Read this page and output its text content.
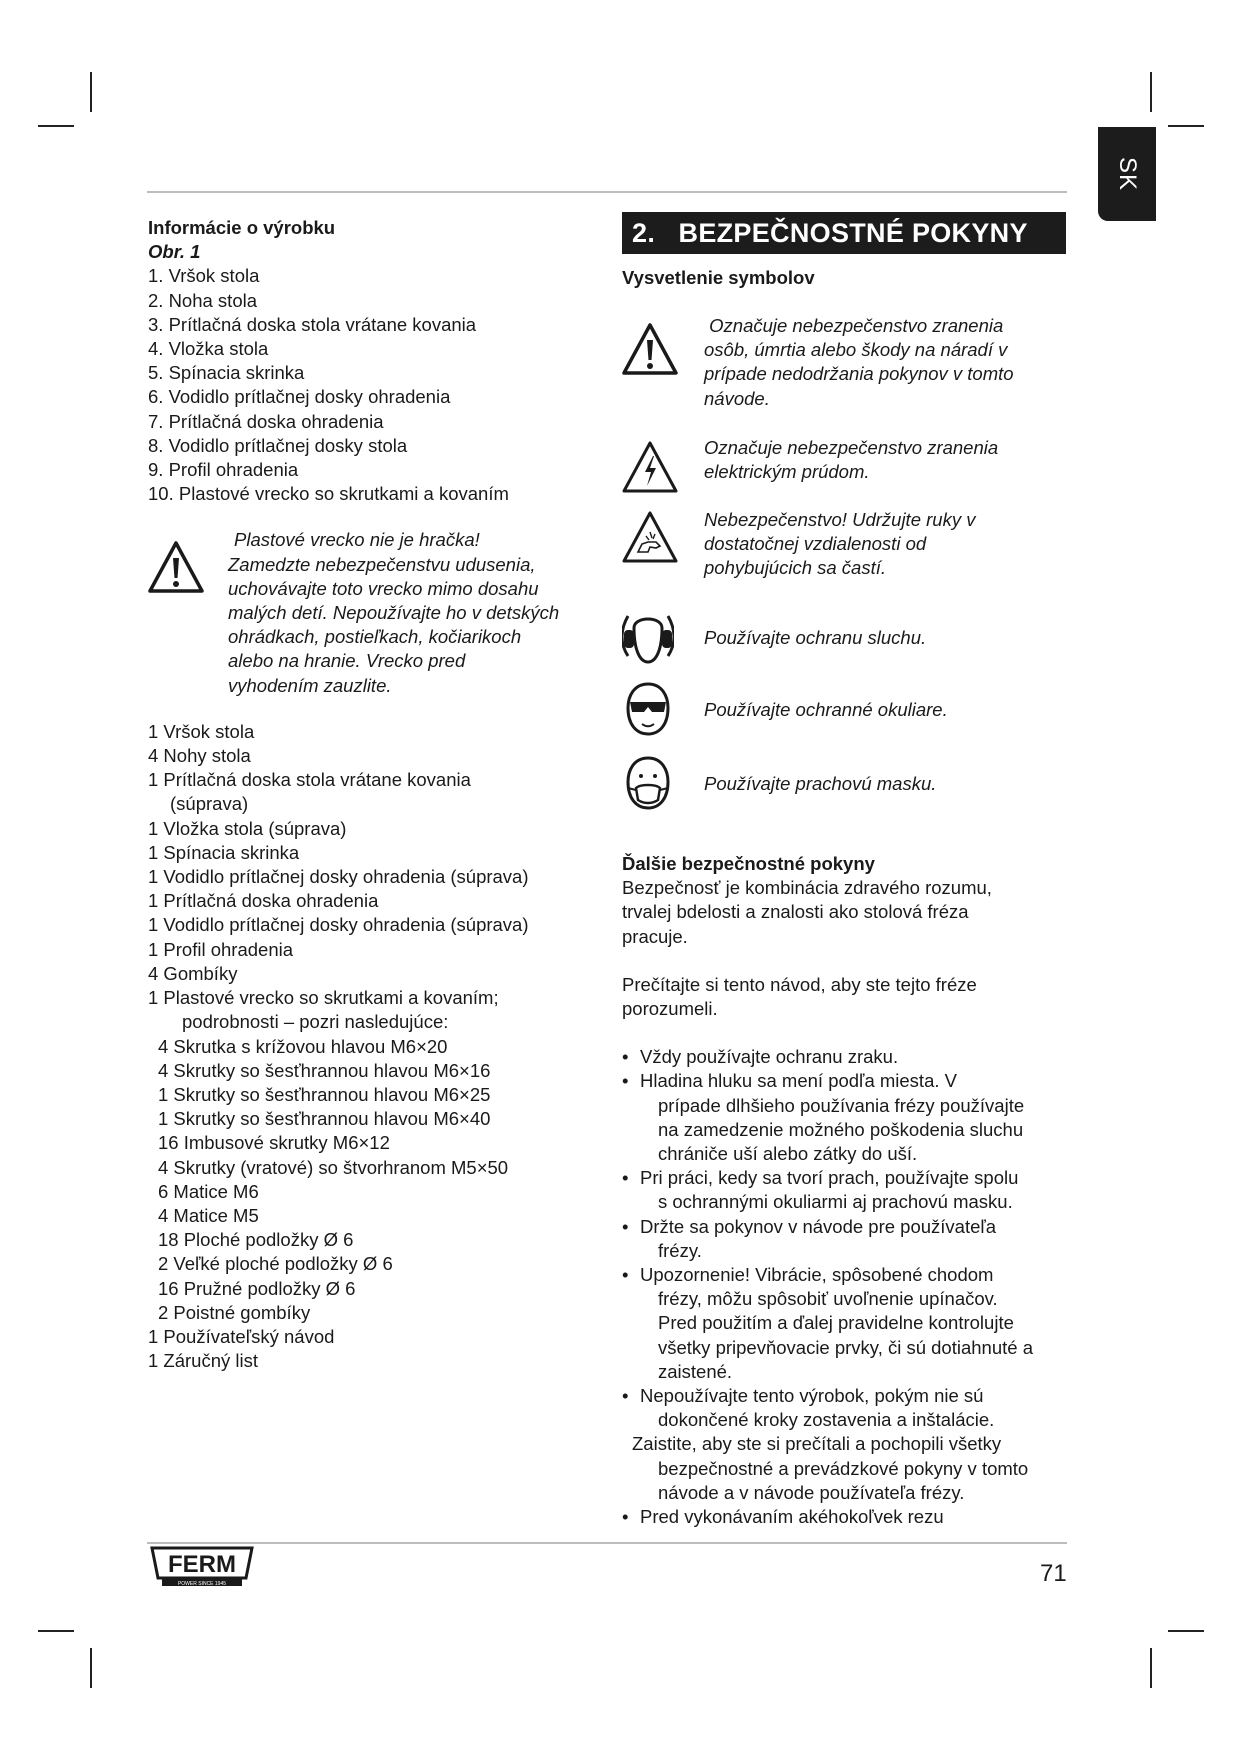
SK
Informácie o výrobku
Obr. 1
1. Vršok stola
2. Noha stola
3. Prítlačná doska stola vrátane kovania
4. Vložka stola
5. Spínacia skrinka
6. Vodidlo prítlačnej dosky ohradenia
7. Prítlačná doska ohradenia
8. Vodidlo prítlačnej dosky stola
9. Profil ohradenia
10. Plastové vrecko so skrutkami a kovaním
Plastové vrecko nie je hračka!
Zamedzte nebezpečenstvu udusenia,
uchovávajte toto vrecko mimo dosahu
malých detí. Nepoužívajte ho v detských
ohrádkach, postieľkach, kočiarikoch
alebo na hranie. Vrecko pred
vyhodením zauzlite.
1 Vršok stola
4 Nohy stola
1 Prítlačná doska stola vrátane kovania
(súprava)
1 Vložka stola (súprava)
1 Spínacia skrinka
1 Vodidlo prítlačnej dosky ohradenia (súprava)
1 Prítlačná doska ohradenia
1 Vodidlo prítlačnej dosky ohradenia (súprava)
1 Profil ohradenia
4 Gombíky
1 Plastové vrecko so skrutkami a kovaním;
podrobnosti – pozri nasledujúce:
4 Skrutka s krížovou hlavou M6×20
4 Skrutky so šesťhrannou hlavou M6×16
1 Skrutky so šesťhrannou hlavou M6×25
1 Skrutky so šesťhrannou hlavou M6×40
16 Imbusové skrutky M6×12
4 Skrutky (vratové) so štvorhranom M5×50
6 Matice M6
4 Matice M5
18 Ploché podložky Ø 6
2 Veľké ploché podložky Ø 6
16 Pružné podložky Ø 6
2 Poistné gombíky
1 Používateľský návod
1 Záručný list
2.   BEZPEČNOSTNÉ POKYNY
Vysvetlenie symbolov
Označuje nebezpečenstvo zranenia
osôb, úmrtia alebo škody na náradí v
prípade nedodržania pokynov v tomto
návode.
Označuje nebezpečenstvo zranenia
elektrickým prúdom.
Nebezpečenstvo! Udržujte ruky v
dostatočnej vzdialenosti od
pohybujúcich sa častí.
Používajte ochranu sluchu.
Používajte ochranné okuliare.
Používajte prachovú masku.
Ďalšie bezpečnostné pokyny
Bezpečnosť je kombinácia zdravého rozumu,
trvalej bdelosti a znalosti ako stolová fréza
pracuje.
Prečítajte si tento návod, aby ste tejto fréze
porozumeli.
• Vždy používajte ochranu zraku.
• Hladina hluku sa mení podľa miesta. V
prípade dlhšieho používania frézy používajte
na zamedzenie možného poškodenia sluchu
chrániče uší alebo zátky do uší.
• Pri práci, kedy sa tvorí prach, používajte spolu
s ochrannými okuliarmi aj prachovú masku.
• Držte sa pokynov v návode pre používateľa
frézy.
• Upozornenie! Vibrácie, spôsobené chodom
frézy, môžu spôsobiť uvoľnenie upínačov.
Pred použitím a ďalej pravidelne kontrolujte
všetky pripevňovacie prvky, či sú dotiahnuté a
zaistené.
• Nepoužívajte tento výrobok, pokým nie sú
dokončené kroky zostavenia a inštalácie.
Zaistite, aby ste si prečítali a pochopili všetky
bezpečnostné a prevádzkové pokyny v tomto
návode a v návode používateľa frézy.
• Pred vykonávaním akéhokoľvek rezu
FERM
POWER SINCE 1945	71
